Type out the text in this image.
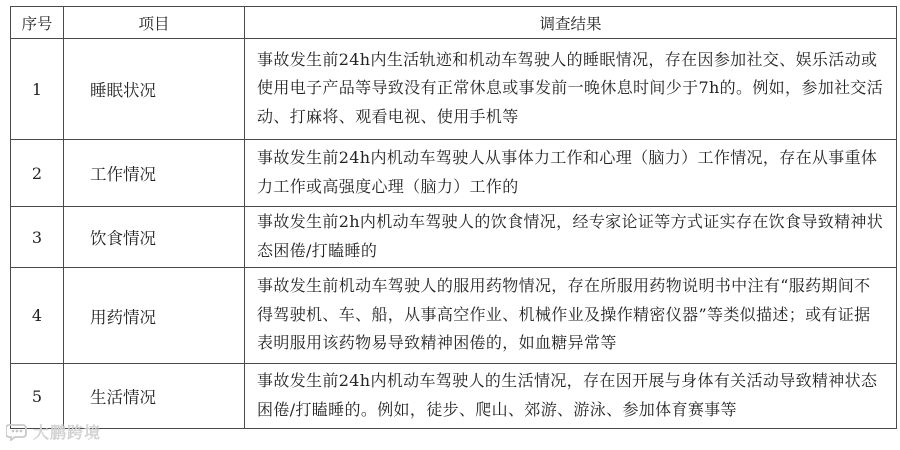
序号	项目	调查结果
1	睡眠状况	事故发生前24h内生活轨迹和机动车驾驶人的睡眠情况，存在因参加社交、娱乐活动或使用电子产品等导致没有正常休息或事发前一晚休息时间少于7h的。例如，参加社交活动、打麻将、观看电视、使用手机等
2	工作情况	事故发生前24h内机动车驾驶人从事体力工作和心理（脑力）工作情况，存在从事重体力工作或高强度心理（脑力）工作的
3	饮食情况	事故发生前2h内机动车驾驶人的饮食情况，经专家论证等方式证实存在饮食导致精神状态困倦/打瞌睡的
4	用药情况	事故发生前机动车驾驶人的服用药物情况，存在所服用药物说明书中注有“服药期间不得驾驶机、车、船，从事高空作业、机械作业及操作精密仪器”等类似描述；或有证据表明服用该药物易导致精神困倦的，如血糖异常等
5	生活情况	事故发生前24h内机动车驾驶人的生活情况，存在因开展与身体有关活动导致精神状态困倦/打瞌睡的。例如，徒步、爬山、郊游、游泳、参加体育赛事等
大鹏跨境
